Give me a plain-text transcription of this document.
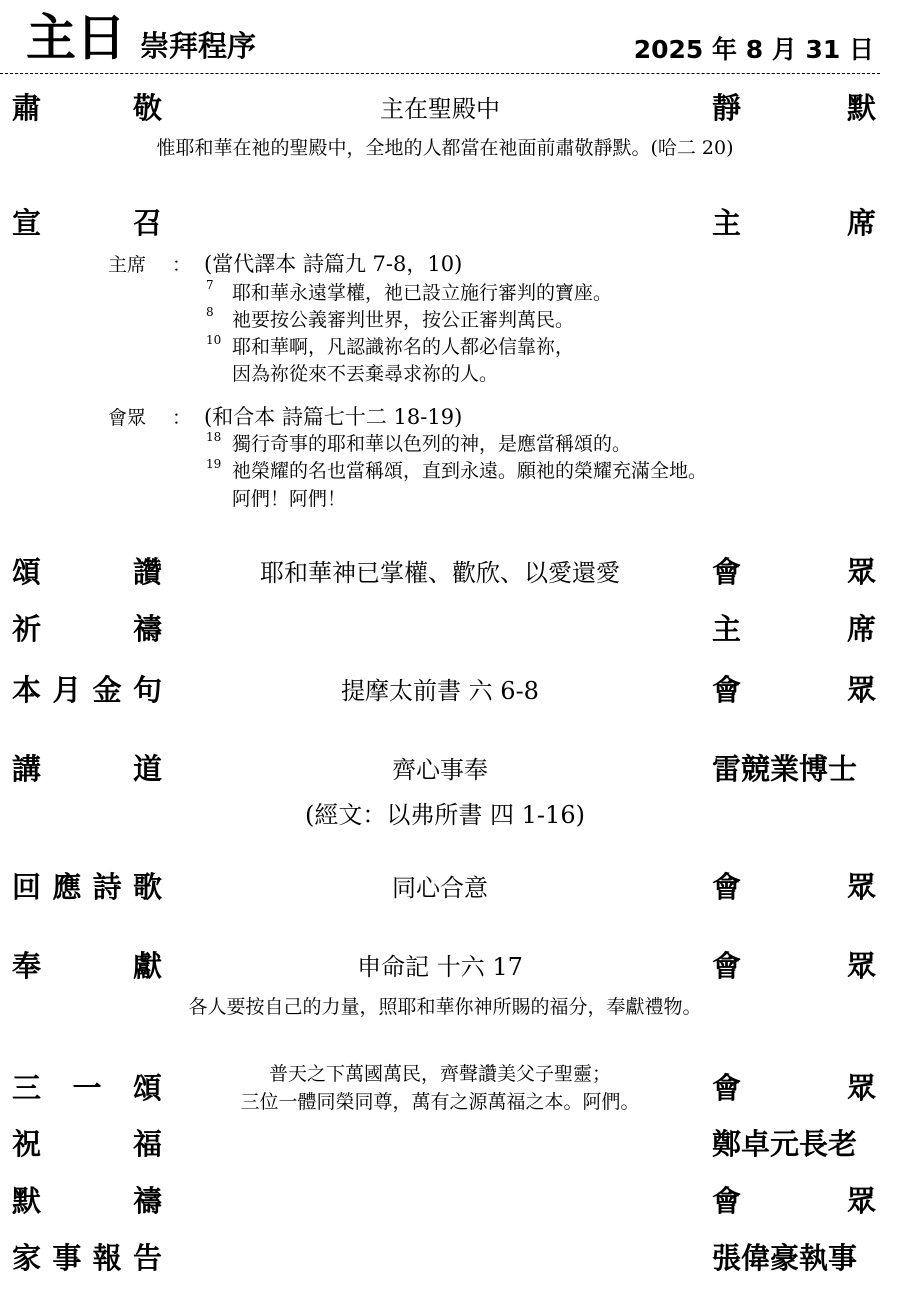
主日 崇拜程序	2025 年 8 月 31 日
肅	敬	主在聖殿中	靜	默
惟耶和華在祂的聖殿中，全地的人都當在祂面前肅敬靜默。(哈二 20)
宣	召	主	席
主席 ： (當代譯本 詩篇九 7-8，10)
7 耶和華永遠掌權，祂已設立施行審判的寶座。
8 祂要按公義審判世界，按公正審判萬民。
10 耶和華啊，凡認識祢名的人都必信靠祢，
因為祢從來不丟棄尋求祢的人。
會眾 ： (和合本 詩篇七十二 18-19)
18 獨行奇事的耶和華以色列的神，是應當稱頌的。
19 祂榮耀的名也當稱頌，直到永遠。願祂的榮耀充滿全地。
阿們！阿們！
頌	讚	耶和華神已掌權、歡欣、以愛還愛	會	眾
祈	禱	主	席
本 月 金 句	提摩太前書 六 6-8	會	眾
講	道	齊心事奉	雷競業博士
(經文：以弗所書 四 1-16)
回 應 詩 歌	同心合意	會	眾
奉	獻	申命記 十六 17	會	眾
各人要按自己的力量，照耶和華你神所賜的福分，奉獻禮物。
三 一 頌	會	眾
普天之下萬國萬民，齊聲讚美父子聖靈；
三位一體同榮同尊，萬有之源萬福之本。阿們。
祝	福	鄭卓元長老
默	禱	會	眾
家 事 報 告	張偉豪執事
